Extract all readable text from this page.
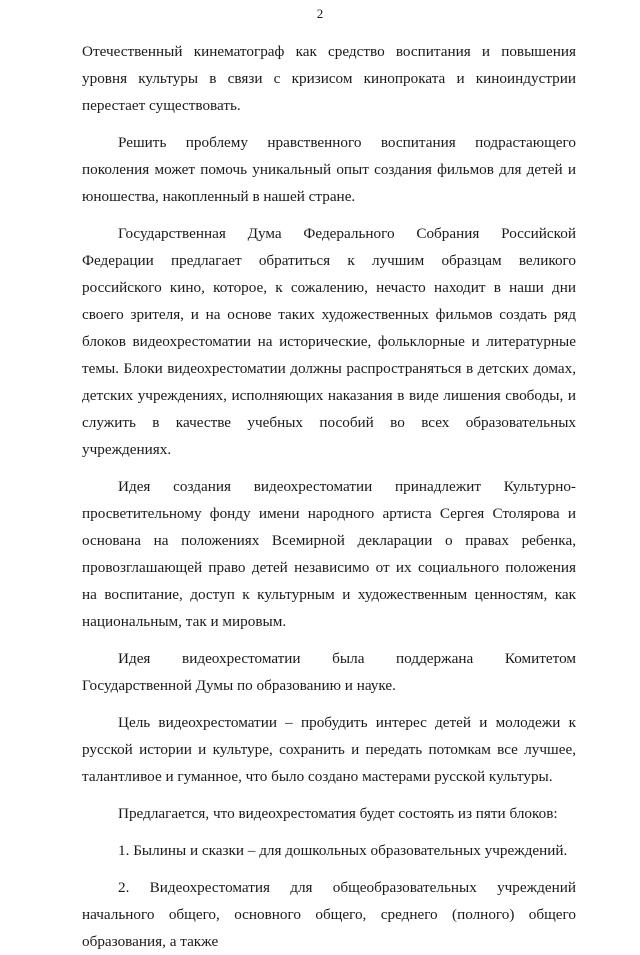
2

Отечественный кинематограф как средство воспитания и повышения уровня культуры в связи с кризисом кинопроката и киноиндустрии перестает существовать.

Решить проблему нравственного воспитания подрастающего поколения может помочь уникальный опыт создания фильмов для детей и юношества, накопленный в нашей стране.

Государственная Дума Федерального Собрания Российской Федерации предлагает обратиться к лучшим образцам великого российского кино, которое, к сожалению, нечасто находит в наши дни своего зрителя, и на основе таких художественных фильмов создать ряд блоков видеохрестоматии на исторические, фольклорные и литературные темы. Блоки видеохрестоматии должны распространяться в детских домах, детских учреждениях, исполняющих наказания в виде лишения свободы, и служить в качестве учебных пособий во всех образовательных учреждениях.

Идея создания видеохрестоматии принадлежит Культурно-просветительному фонду имени народного артиста Сергея Столярова и основана на положениях Всемирной декларации о правах ребенка, провозглашающей право детей независимо от их социального положения на воспитание, доступ к культурным и художественным ценностям, как национальным, так и мировым.

Идея видеохрестоматии была поддержана Комитетом Государственной Думы по образованию и науке.

Цель видеохрестоматии – пробудить интерес детей и молодежи к русской истории и культуре, сохранить и передать потомкам все лучшее, талантливое и гуманное, что было создано мастерами русской культуры.

Предлагается, что видеохрестоматия будет состоять из пяти блоков:

1. Былины и сказки – для дошкольных образовательных учреждений.

2. Видеохрестоматия для общеобразовательных учреждений начального общего, основного общего, среднего (полного) общего образования, а также
